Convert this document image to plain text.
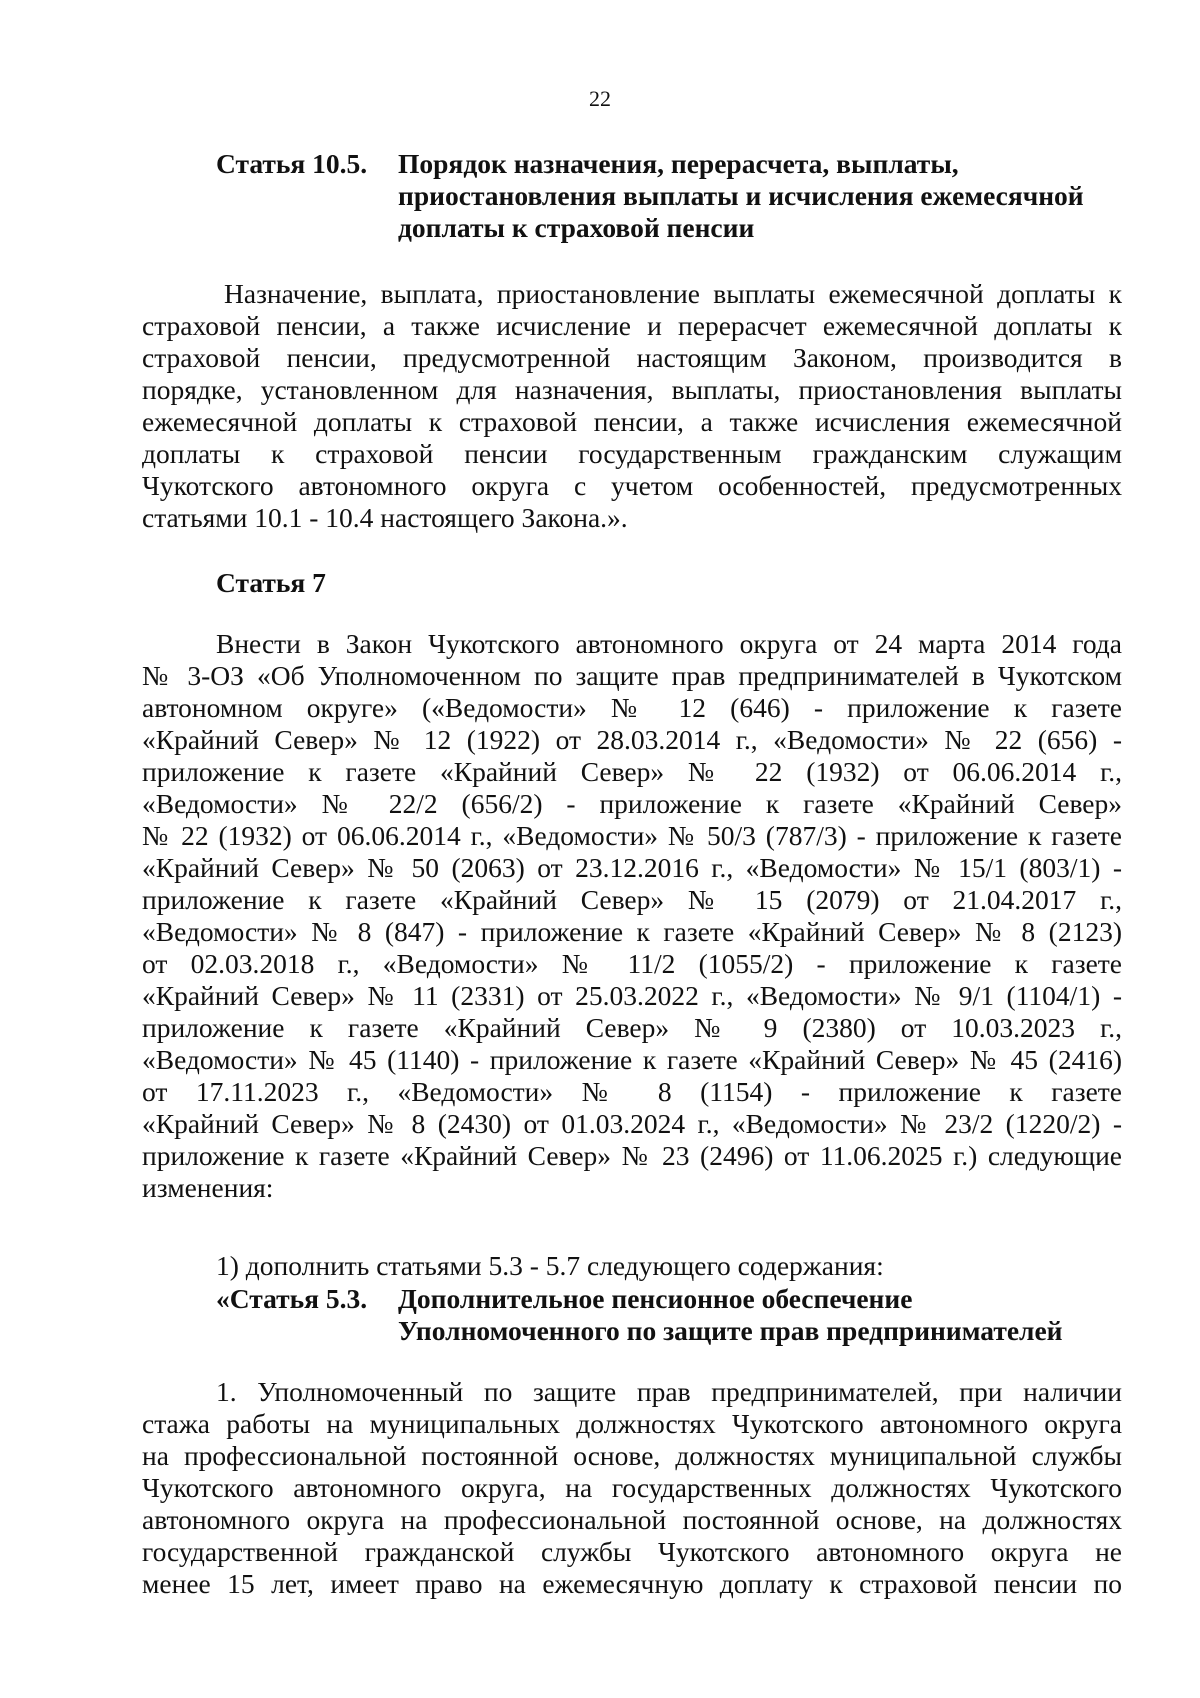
22
Статья 10.5. Порядок назначения, перерасчета, выплаты,
приостановления выплаты и исчисления ежемесячной
доплаты к страховой пенсии
Назначение, выплата, приостановление выплаты ежемесячной доплаты к
страховой пенсии, а также исчисление и перерасчет ежемесячной доплаты к
страховой пенсии, предусмотренной настоящим Законом, производится в
порядке, установленном для назначения, выплаты, приостановления выплаты
ежемесячной доплаты к страховой пенсии, а также исчисления ежемесячной
доплаты к страховой пенсии государственным гражданским служащим
Чукотского автономного округа с учетом особенностей, предусмотренных
статьями 10.1 - 10.4 настоящего Закона.».
Статья 7
Внести в Закон Чукотского автономного округа от 24 марта 2014 года
№ 3-ОЗ «Об Уполномоченном по защите прав предпринимателей в Чукотском
автономном округе» («Ведомости» № 12 (646) - приложение к газете
«Крайний Север» № 12 (1922) от 28.03.2014 г., «Ведомости» № 22 (656) -
приложение к газете «Крайний Север» № 22 (1932) от 06.06.2014 г.,
«Ведомости» № 22/2 (656/2) - приложение к газете «Крайний Север»
№ 22 (1932) от 06.06.2014 г., «Ведомости» № 50/3 (787/3) - приложение к газете
«Крайний Север» № 50 (2063) от 23.12.2016 г., «Ведомости» № 15/1 (803/1) -
приложение к газете «Крайний Север» № 15 (2079) от 21.04.2017 г.,
«Ведомости» № 8 (847) - приложение к газете «Крайний Север» № 8 (2123)
от 02.03.2018 г., «Ведомости» № 11/2 (1055/2) - приложение к газете
«Крайний Север» № 11 (2331) от 25.03.2022 г., «Ведомости» № 9/1 (1104/1) -
приложение к газете «Крайний Север» № 9 (2380) от 10.03.2023 г.,
«Ведомости» № 45 (1140) - приложение к газете «Крайний Север» № 45 (2416)
от 17.11.2023 г., «Ведомости» № 8 (1154) - приложение к газете
«Крайний Север» № 8 (2430) от 01.03.2024 г., «Ведомости» № 23/2 (1220/2) -
приложение к газете «Крайний Север» № 23 (2496) от 11.06.2025 г.) следующие
изменения:
1) дополнить статьями 5.3 - 5.7 следующего содержания:
«Статья 5.3. Дополнительное пенсионное обеспечение
Уполномоченного по защите прав предпринимателей
1. Уполномоченный по защите прав предпринимателей, при наличии
стажа работы на муниципальных должностях Чукотского автономного округа
на профессиональной постоянной основе, должностях муниципальной службы
Чукотского автономного округа, на государственных должностях Чукотского
автономного округа на профессиональной постоянной основе, на должностях
государственной гражданской службы Чукотского автономного округа не
менее 15 лет, имеет право на ежемесячную доплату к страховой пенсии по
